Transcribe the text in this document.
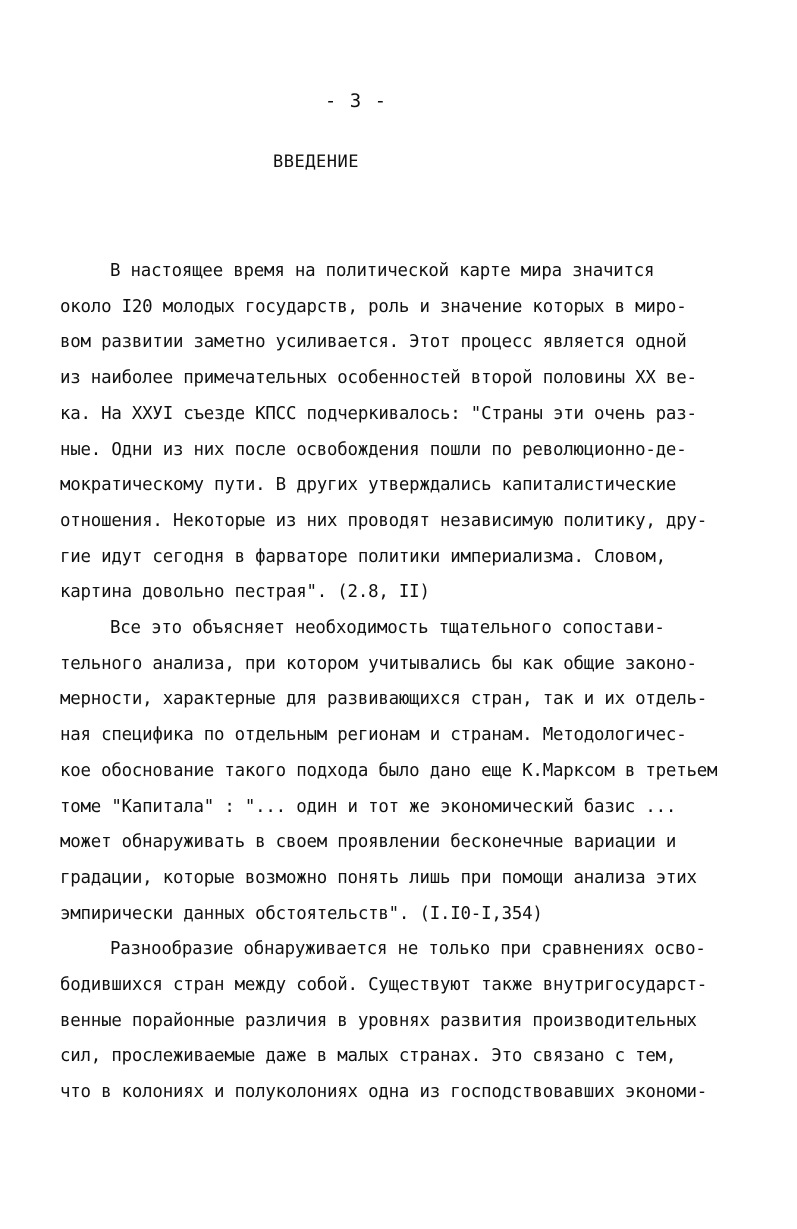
- 3 -
ВВЕДЕНИЕ
В настоящее время на политической карте мира значится
около I20 молодых государств, роль и значение которых в миро-
вом развитии заметно усиливается. Этот процесс является одной
из наиболее примечательных особенностей второй половины XX ве-
ка. На XXУI съезде КПСС подчеркивалось: "Страны эти очень раз-
ные. Одни из них после освобождения пошли по революционно-де-
мократическому пути. В других утверждались капиталистические
отношения. Некоторые из них проводят независимую политику, дру-
гие идут сегодня в фарватоpe политики империализма. Словом,
картина довольно пестрая". (2.8, II)
Все это объясняет необходимость тщательного сопостави-
тельного анализа, при котором учитывались бы как общие законо-
мерности, характерные для развивающихся стран, так и их отдель-
ная специфика по отдельным регионам и странам. Методологичес-
кое обоснование такого подхода было дано еще К.Марксом в третьем
томе "Капитала" : "... один и тот же экономический базис ...
может обнаруживать в своем проявлении бесконечные вариации и
градации, которые возможно понять лишь при помощи анализа этих
эмпирически данных обстоятельств". (I.I0-I,354)
Разнообразие обнаруживается не только при сравнениях осво-
бодившихся стран между собой. Существуют также внутригосударст-
венные порайонные различия в уровнях развития производительных
сил, прослеживаемые даже в малых странах. Это связано с тем,
что в колониях и полуколониях одна из господствовавших экономи-
